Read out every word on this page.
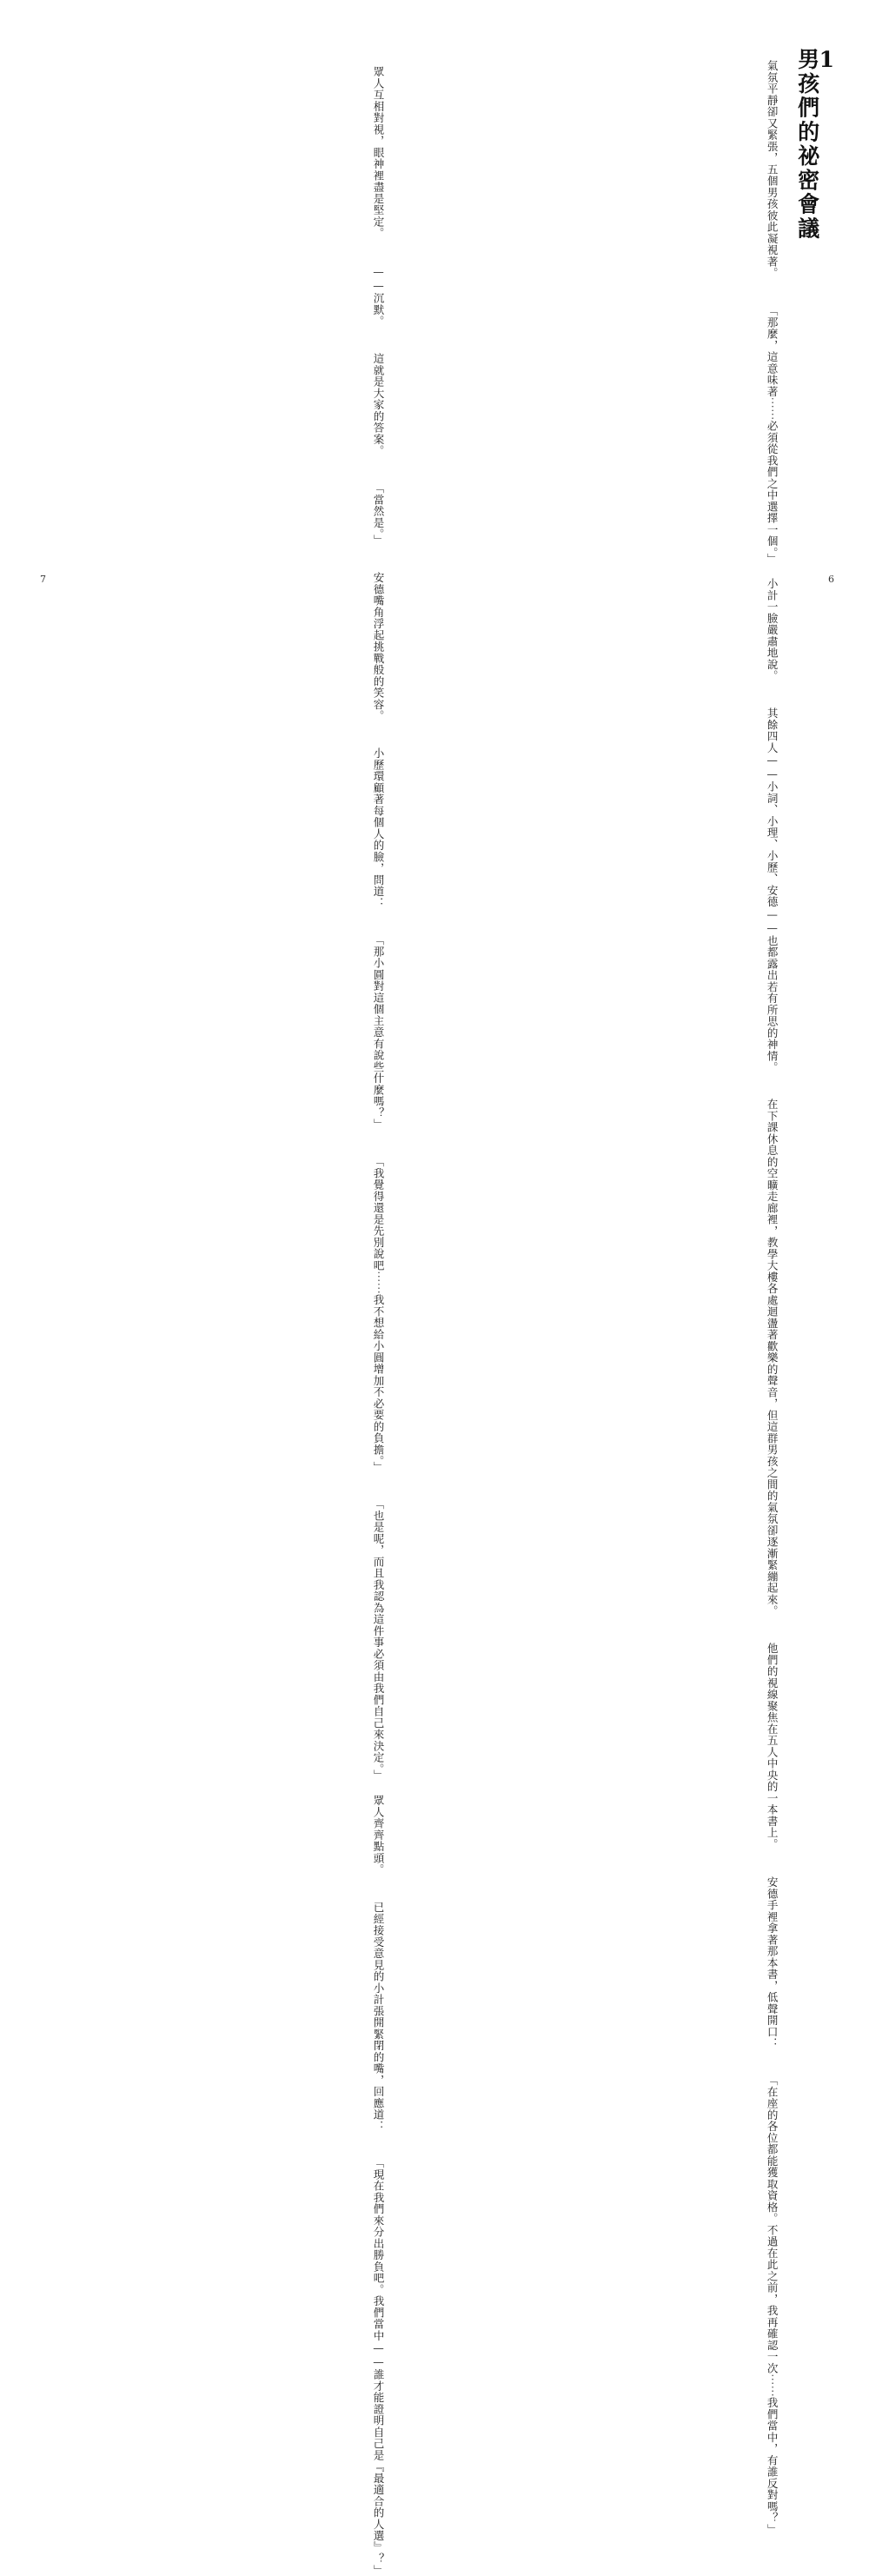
1
男孩們的祕密會議
氣氛平靜卻又緊張，五個男孩彼此凝視著。 「那麼，這意味著⋯⋯必須從我們之中選擇一個。」 小計一臉嚴肅地說。 其餘四人——小詞、小理、小歷、安德——也都露出若有所思的神情。 在下課休息的空曠走廊裡，教學大樓各處迴盪著歡樂的聲音，但這群男孩之間的氣氛卻逐漸緊繃起來。 他們的視線聚焦在五人中央的一本書上。 安德手裡拿著那本書，低聲開口： 「在座的各位都能獲取資格。不過在此之前，我再確認一次⋯⋯我們當中，有誰反對嗎？」
6
眾人互相對視，眼神裡盡是堅定。 ——沉默。 這就是大家的答案。 「當然是。」 安德嘴角浮起挑戰般的笑容。 小歷環顧著每個人的臉，問道： 「那小圓對這個主意有說些什麼嗎？」 「我覺得還是先別說吧⋯⋯我不想給小圓增加不必要的負擔。」 「也是呢，而且我認為這件事必須由我們自己來決定。」 眾人齊齊點頭。 已經接受意見的小計張開緊閉的嘴，回應道： 「現在我們來分出勝負吧。我們當中——誰才能證明自己是『最適合的人選』？」
7
